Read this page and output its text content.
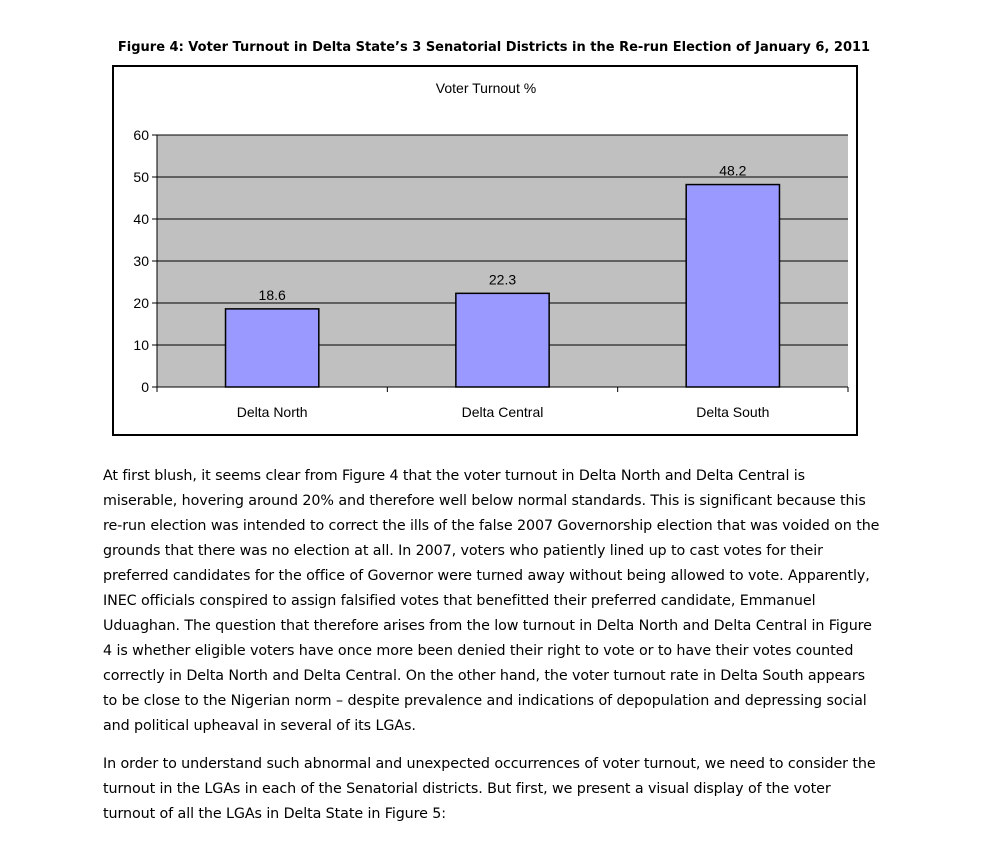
Figure 4: Voter Turnout in Delta State’s 3 Senatorial Districts in the Re-run Election of January 6, 2011
Voter Turnout %
0
10
20
30
40
50
60
18.6
Delta North
22.3
Delta Central
48.2
Delta South

At first blush, it seems clear from Figure 4 that the voter turnout in Delta North and Delta Central is miserable, hovering around 20% and therefore well below normal standards. This is significant because this re-run election was intended to correct the ills of the false 2007 Governorship election that was voided on the grounds that there was no election at all. In 2007, voters who patiently lined up to cast votes for their preferred candidates for the office of Governor were turned away without being allowed to vote. Apparently, INEC officials conspired to assign falsified votes that benefitted their preferred candidate, Emmanuel Uduaghan. The question that therefore arises from the low turnout in Delta North and Delta Central in Figure 4 is whether eligible voters have once more been denied their right to vote or to have their votes counted correctly in Delta North and Delta Central. On the other hand, the voter turnout rate in Delta South appears to be close to the Nigerian norm – despite prevalence and indications of depopulation and depressing social and political upheaval in several of its LGAs.

In order to understand such abnormal and unexpected occurrences of voter turnout, we need to consider the turnout in the LGAs in each of the Senatorial districts. But first, we present a visual display of the voter turnout of all the LGAs in Delta State in Figure 5:
